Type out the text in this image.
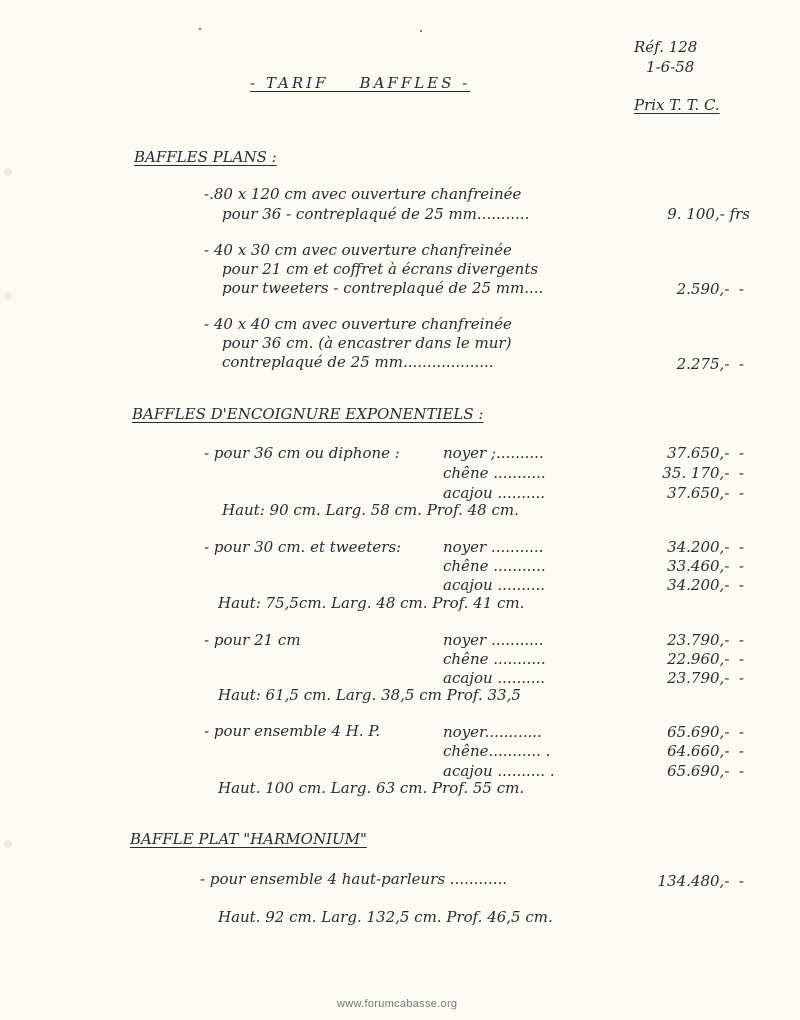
Réf. 128
1-6-58
- TARIF    BAFFLES -
Prix T. T. C.
BAFFLES PLANS :
-.80 x 120 cm avec ouverture chanfreinée
pour 36 - contreplaqué de 25 mm...........	9. 100,- frs
- 40 x 30 cm avec ouverture chanfreinée
pour 21 cm et coffret à écrans divergents
pour tweeters - contreplaqué de 25 mm....	2.590,-  -
- 40 x 40 cm avec ouverture chanfreinée
pour 36 cm. (à encastrer dans le mur)
contreplaqué de 25 mm...................	2.275,-  -
BAFFLES D'ENCOIGNURE EXPONENTIELS :
- pour 36 cm ou diphone :	noyer ;..........	37.650,-  -
chêne ...........	35. 170,-  -
acajou ..........	37.650,-  -
Haut: 90 cm. Larg. 58 cm. Prof. 48 cm.
- pour 30 cm. et tweeters:	noyer ...........	34.200,-  -
chêne ...........	33.460,-  -
acajou ..........	34.200,-  -
Haut: 75,5cm. Larg. 48 cm. Prof. 41 cm.
- pour 21 cm	noyer ...........	23.790,-  -
chêne ...........	22.960,-  -
acajou ..........	23.790,-  -
Haut: 61,5 cm. Larg. 38,5 cm Prof. 33,5
- pour ensemble 4 H. P.	noyer............	65.690,-  -
chêne........... .	64.660,-  -
acajou .......... .	65.690,-  -
Haut. 100 cm. Larg. 63 cm. Prof. 55 cm.
BAFFLE PLAT "HARMONIUM"
- pour ensemble 4 haut-parleurs ............	134.480,-  -
Haut. 92 cm. Larg. 132,5 cm. Prof. 46,5 cm.
www.forumcabasse.org
